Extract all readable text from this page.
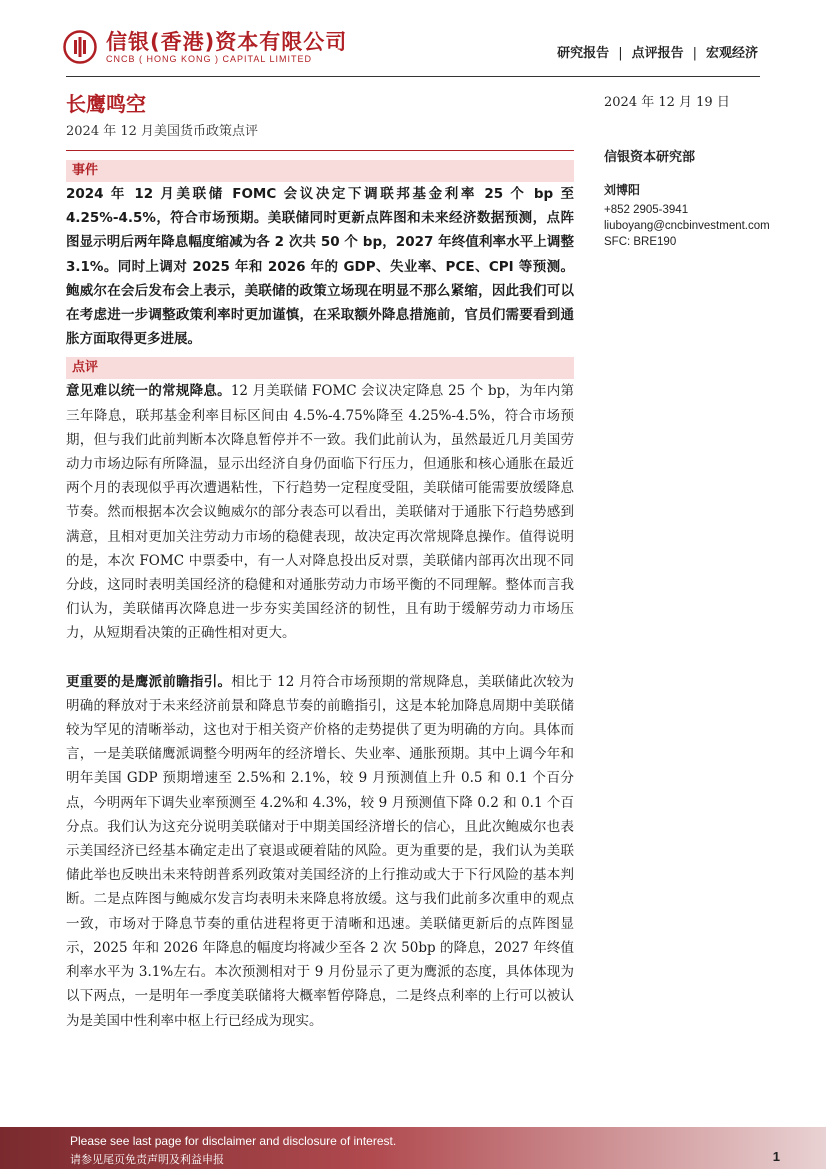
信银(香港)资本有限公司
CNCB ( HONG KONG ) CAPITAL LIMITED	研究报告 | 点评报告 | 宏观经济
长鹰鸣空
2024 年 12 月美国货币政策点评
2024 年 12 月 19 日
信银资本研究部
刘博阳
+852 2905-3941
liuboyang@cncbinvestment.com
SFC: BRE190
事件
2024 年 12 月美联储 FOMC 会议决定下调联邦基金利率 25 个 bp 至 4.25%-4.5%，符合市场预期。美联储同时更新点阵图和未来经济数据预测，点阵图显示明后两年降息幅度缩减为各 2 次共 50 个 bp，2027 年终值利率水平上调整 3.1%。同时上调对 2025 年和 2026 年的 GDP、失业率、PCE、CPI 等预测。鲍威尔在会后发布会上表示，美联储的政策立场现在明显不那么紧缩，因此我们可以在考虑进一步调整政策利率时更加谨慎，在采取额外降息措施前，官员们需要看到通胀方面取得更多进展。
点评
意见难以统一的常规降息。12 月美联储 FOMC 会议决定降息 25 个 bp，为年内第三年降息，联邦基金利率目标区间由 4.5%-4.75%降至 4.25%-4.5%，符合市场预期，但与我们此前判断本次降息暂停并不一致。我们此前认为，虽然最近几月美国劳动力市场边际有所降温，显示出经济自身仍面临下行压力，但通胀和核心通胀在最近两个月的表现似乎再次遭遇粘性，下行趋势一定程度受阻，美联储可能需要放缓降息节奏。然而根据本次会议鲍威尔的部分表态可以看出，美联储对于通胀下行趋势感到满意，且相对更加关注劳动力市场的稳健表现，故决定再次常规降息操作。值得说明的是，本次 FOMC 中票委中，有一人对降息投出反对票，美联储内部再次出现不同分歧，这同时表明美国经济的稳健和对通胀劳动力市场平衡的不同理解。整体而言我们认为，美联储再次降息进一步夯实美国经济的韧性，且有助于缓解劳动力市场压力，从短期看决策的正确性相对更大。
更重要的是鹰派前瞻指引。相比于 12 月符合市场预期的常规降息，美联储此次较为明确的释放对于未来经济前景和降息节奏的前瞻指引，这是本轮加降息周期中美联储较为罕见的清晰举动，这也对于相关资产价格的走势提供了更为明确的方向。具体而言，一是美联储鹰派调整今明两年的经济增长、失业率、通胀预期。其中上调今年和明年美国 GDP 预期增速至 2.5%和 2.1%，较 9 月预测值上升 0.5 和 0.1 个百分点，今明两年下调失业率预测至 4.2%和 4.3%，较 9 月预测值下降 0.2 和 0.1 个百分点。我们认为这充分说明美联储对于中期美国经济增长的信心，且此次鲍威尔也表示美国经济已经基本确定走出了衰退或硬着陆的风险。更为重要的是，我们认为美联储此举也反映出未来特朗普系列政策对美国经济的上行推动或大于下行风险的基本判断。二是点阵图与鲍威尔发言均表明未来降息将放缓。这与我们此前多次重申的观点一致，市场对于降息节奏的重估进程将更于清晰和迅速。美联储更新后的点阵图显示，2025 年和 2026 年降息的幅度均将减少至各 2 次 50bp 的降息，2027 年终值利率水平为 3.1%左右。本次预测相对于 9 月份显示了更为鹰派的态度，具体体现为以下两点，一是明年一季度美联储将大概率暂停降息，二是终点利率的上行可以被认为是美国中性利率中枢上行已经成为现实。
Please see last page for disclaimer and disclosure of interest.
请参见尾页免责声明及利益申报	1
